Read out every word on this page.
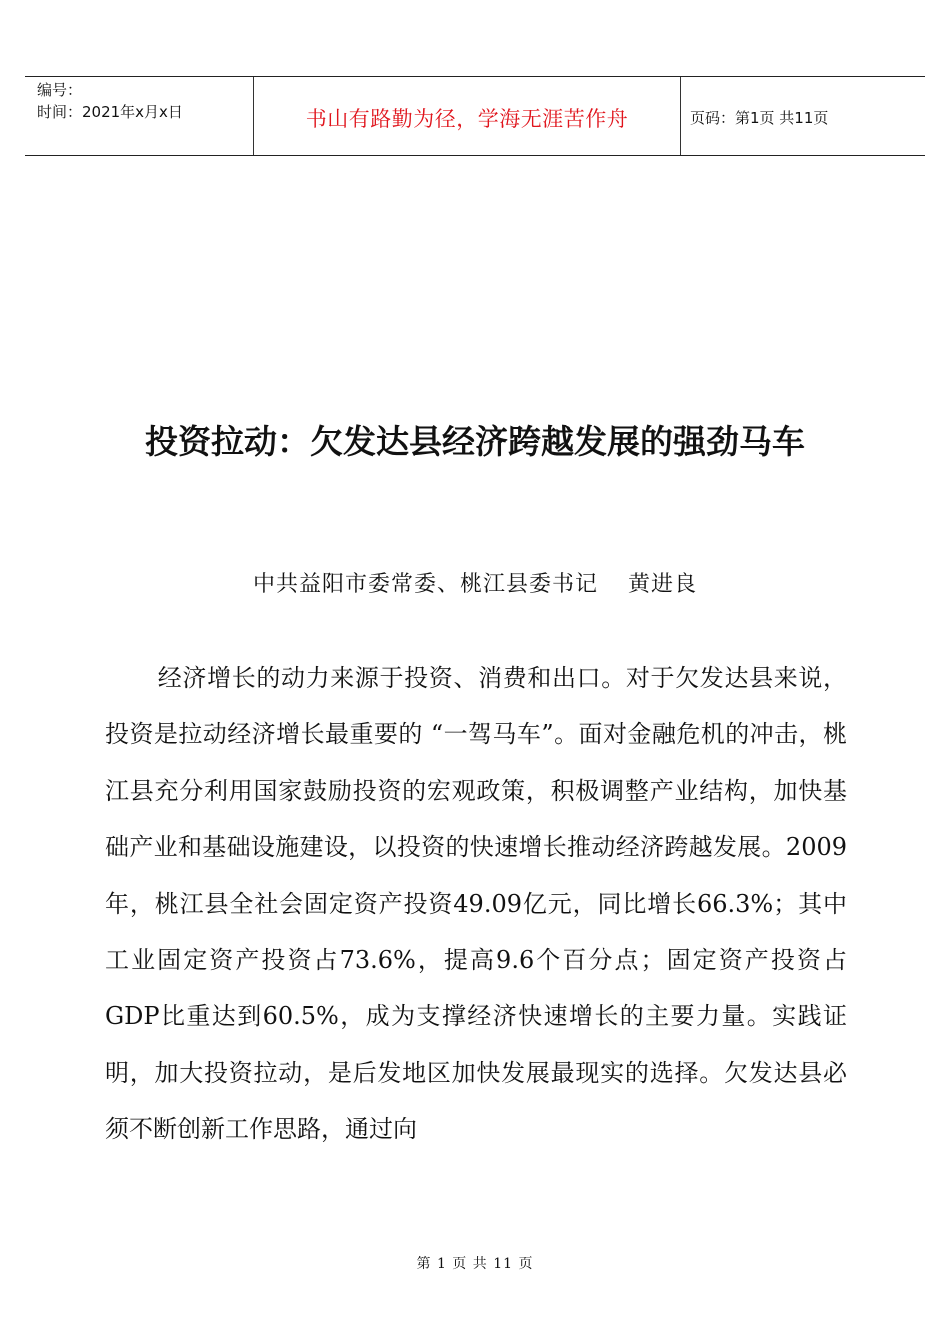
编号：
时间：2021年x月x日	书山有路勤为径，学海无涯苦作舟	页码：第1页 共11页
投资拉动：欠发达县经济跨越发展的强劲马车
中共益阳市委常委、桃江县委书记 黄进良

经济增长的动力来源于投资、消费和出口。对于欠发达县来说，投资是拉动经济增长最重要的 “一驾马车”。面对金融危机的冲击，桃江县充分利用国家鼓励投资的宏观政策，积极调整产业结构，加快基础产业和基础设施建设，以投资的快速增长推动经济跨越发展。2009年，桃江县全社会固定资产投资49.09亿元，同比增长66.3%；其中工业固定资产投资占73.6%，提高9.6个百分点；固定资产投资占GDP比重达到60.5%，成为支撑经济快速增长的主要力量。实践证明，加大投资拉动，是后发地区加快发展最现实的选择。欠发达县必须不断创新工作思路，通过向

第 1 页 共 11 页
